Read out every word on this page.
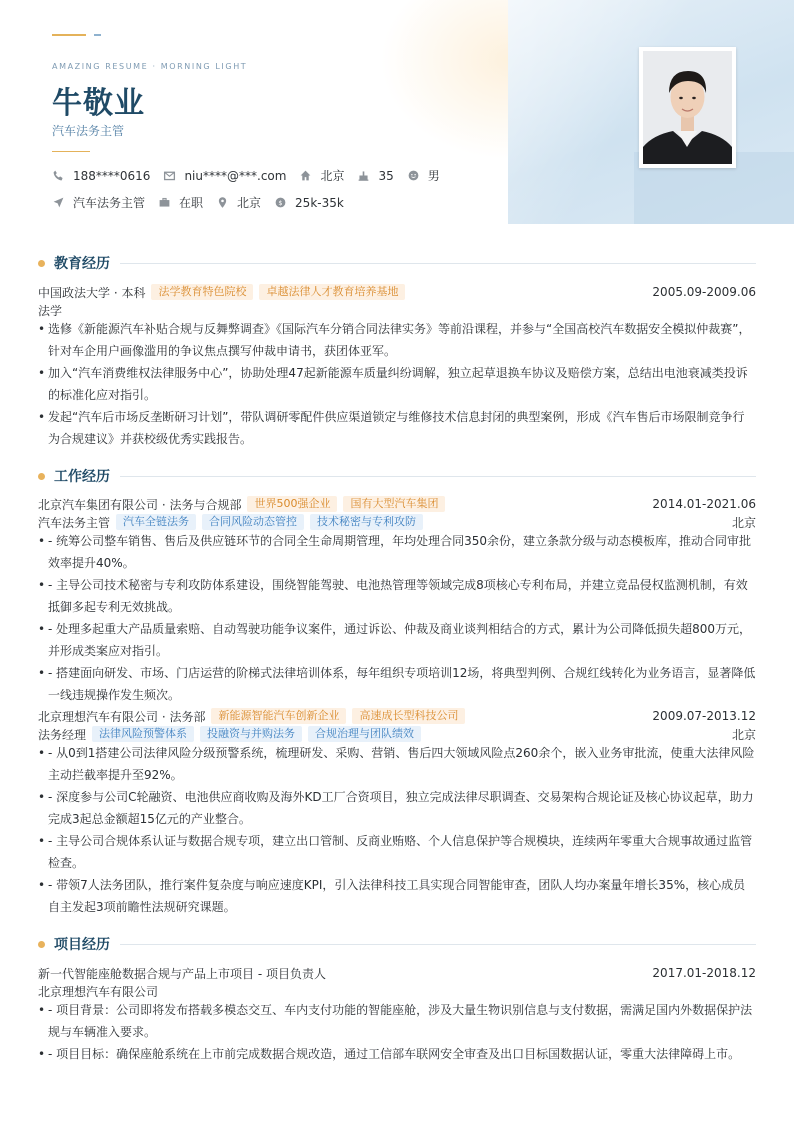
AMAZING RESUME · MORNING LIGHT
牛敬业
汽车法务主管
188****0616	niu****@***.com	北京	35	男
汽车法务主管	在职	北京 $ 25k-35k
教育经历
中国政法大学 · 本科	法学教育特色院校	卓越法律人才教育培养基地	2005.09-2009.06
法学
• 选修《新能源汽车补贴合规与反舞弊调查》《国际汽车分销合同法律实务》等前沿课程，并参与“全国高校汽车数据安全模拟仲裁赛”，针对车企用户画像滥用的争议焦点撰写仲裁申请书，获团体亚军。
• 加入“汽车消费维权法律服务中心”，协助处理47起新能源车质量纠纷调解，独立起草退换车协议及赔偿方案，总结出电池衰减类投诉的标准化应对指引。
• 发起“汽车后市场反垄断研习计划”，带队调研零配件供应渠道锁定与维修技术信息封闭的典型案例，形成《汽车售后市场限制竞争行为合规建议》并获校级优秀实践报告。
工作经历
北京汽车集团有限公司 · 法务与合规部	世界500强企业	国有大型汽车集团	2014.01-2021.06
汽车法务主管	汽车全链法务	合同风险动态管控	技术秘密与专利攻防	北京
• - 统筹公司整车销售、售后及供应链环节的合同全生命周期管理，年均处理合同350余份，建立条款分级与动态模板库，推动合同审批效率提升40%。
• - 主导公司技术秘密与专利攻防体系建设，围绕智能驾驶、电池热管理等领域完成8项核心专利布局，并建立竞品侵权监测机制，有效抵御多起专利无效挑战。
• - 处理多起重大产品质量索赔、自动驾驶功能争议案件，通过诉讼、仲裁及商业谈判相结合的方式，累计为公司降低损失超800万元，并形成类案应对指引。
• - 搭建面向研发、市场、门店运营的阶梯式法律培训体系，每年组织专项培训12场，将典型判例、合规红线转化为业务语言，显著降低一线违规操作发生频次。
北京理想汽车有限公司 · 法务部	新能源智能汽车创新企业	高速成长型科技公司	2009.07-2013.12
法务经理	法律风险预警体系	投融资与并购法务	合规治理与团队绩效	北京
• - 从0到1搭建公司法律风险分级预警系统，梳理研发、采购、营销、售后四大领域风险点260余个，嵌入业务审批流，使重大法律风险主动拦截率提升至92%。
• - 深度参与公司C轮融资、电池供应商收购及海外KD工厂合资项目，独立完成法律尽职调查、交易架构合规论证及核心协议起草，助力完成3起总金额超15亿元的产业整合。
• - 主导公司合规体系认证与数据合规专项，建立出口管制、反商业贿赂、个人信息保护等合规模块，连续两年零重大合规事故通过监管检查。
• - 带领7人法务团队，推行案件复杂度与响应速度KPI，引入法律科技工具实现合同智能审查，团队人均办案量年增长35%，核心成员自主发起3项前瞻性法规研究课题。
项目经历
新一代智能座舱数据合规与产品上市项目 - 项目负责人	2017.01-2018.12
北京理想汽车有限公司
• - 项目背景：公司即将发布搭载多模态交互、车内支付功能的智能座舱，涉及大量生物识别信息与支付数据，需满足国内外数据保护法规与车辆准入要求。
• - 项目目标：确保座舱系统在上市前完成数据合规改造，通过工信部车联网安全审查及出口目标国数据认证，零重大法律障碍上市。
